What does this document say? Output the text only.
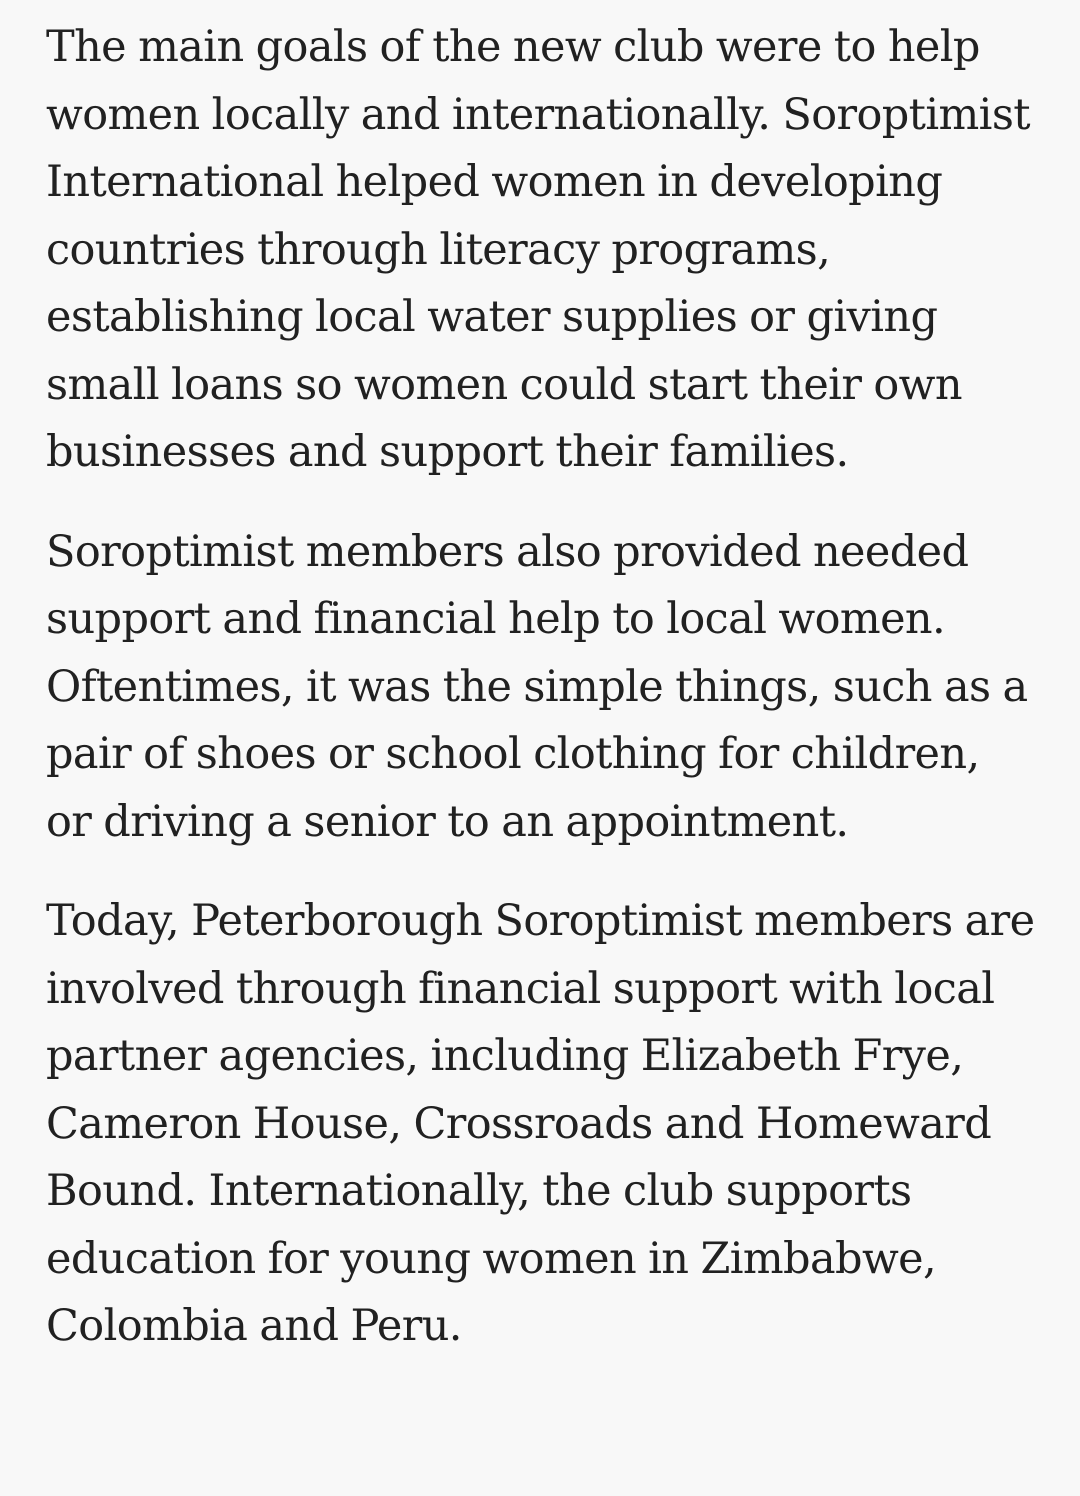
The main goals of the new club were to help women locally and internationally. Soroptimist International helped women in developing countries through literacy programs, establishing local water supplies or giving small loans so women could start their own businesses and support their families.

Soroptimist members also provided needed support and financial help to local women. Oftentimes, it was the simple things, such as a pair of shoes or school clothing for children, or driving a senior to an appointment.

Today, Peterborough Soroptimist members are involved through financial support with local partner agencies, including Elizabeth Frye, Cameron House, Crossroads and Homeward Bound. Internationally, the club supports education for young women in Zimbabwe, Colombia and Peru.
